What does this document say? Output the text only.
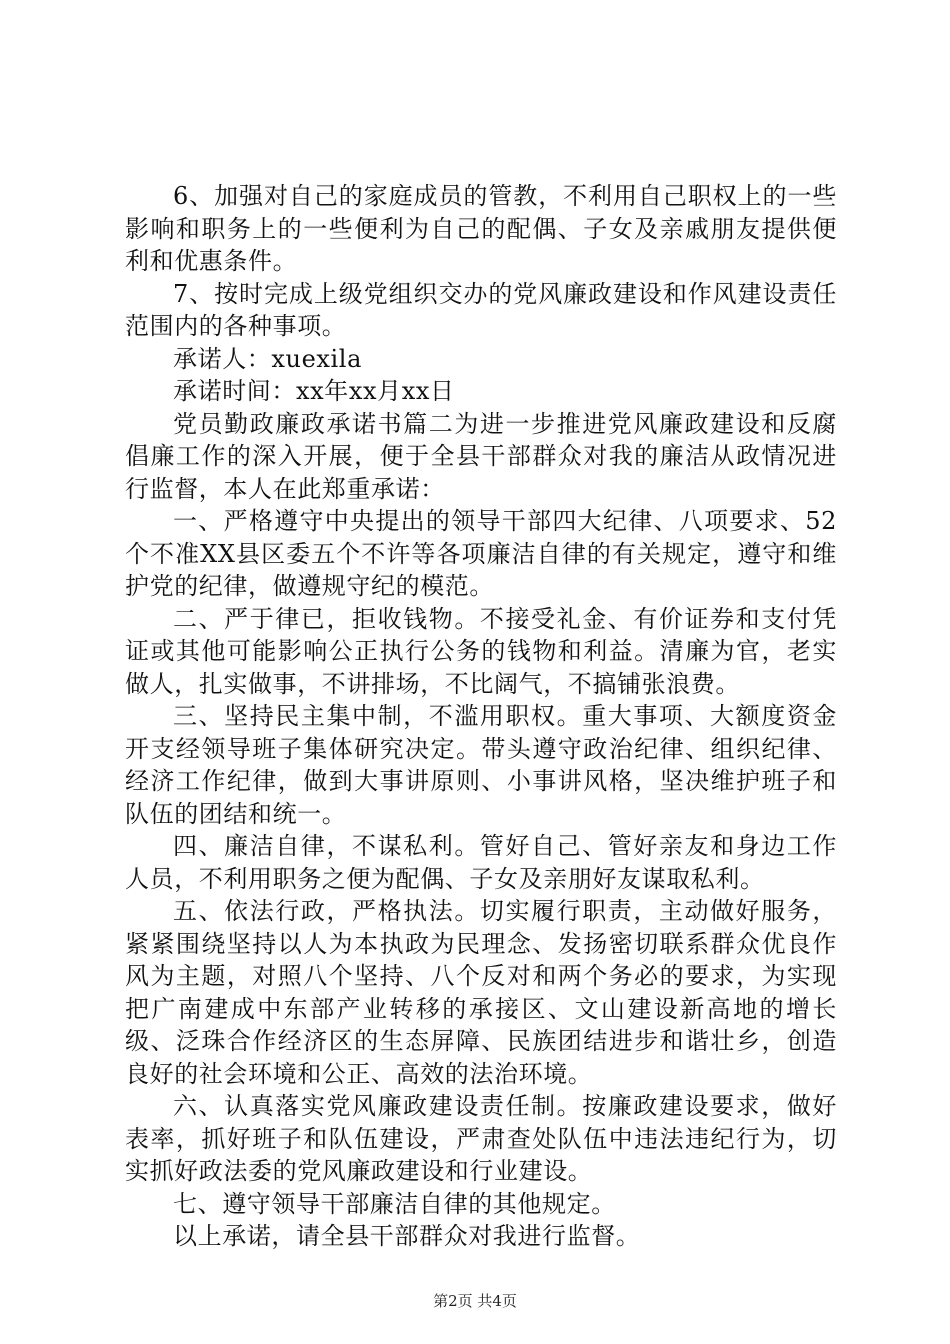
6、加强对自己的家庭成员的管教，不利用自己职权上的一些影响和职务上的一些便利为自己的配偶、子女及亲戚朋友提供便利和优惠条件。

7、按时完成上级党组织交办的党风廉政建设和作风建设责任范围内的各种事项。

承诺人：xuexila

承诺时间：xx年xx月xx日

党员勤政廉政承诺书篇二为进一步推进党风廉政建设和反腐倡廉工作的深入开展，便于全县干部群众对我的廉洁从政情况进行监督，本人在此郑重承诺：

一、严格遵守中央提出的领导干部四大纪律、八项要求、52个不准XX县区委五个不许等各项廉洁自律的有关规定，遵守和维护党的纪律，做遵规守纪的模范。

二、严于律已，拒收钱物。不接受礼金、有价证券和支付凭证或其他可能影响公正执行公务的钱物和利益。清廉为官，老实做人，扎实做事，不讲排场，不比阔气，不搞铺张浪费。

三、坚持民主集中制，不滥用职权。重大事项、大额度资金开支经领导班子集体研究决定。带头遵守政治纪律、组织纪律、经济工作纪律，做到大事讲原则、小事讲风格，坚决维护班子和队伍的团结和统一。

四、廉洁自律，不谋私利。管好自己、管好亲友和身边工作人员，不利用职务之便为配偶、子女及亲朋好友谋取私利。

五、依法行政，严格执法。切实履行职责，主动做好服务，紧紧围绕坚持以人为本执政为民理念、发扬密切联系群众优良作风为主题，对照八个坚持、八个反对和两个务必的要求，为实现把广南建成中东部产业转移的承接区、文山建设新高地的增长级、泛珠合作经济区的生态屏障、民族团结进步和谐壮乡，创造良好的社会环境和公正、高效的法治环境。

六、认真落实党风廉政建设责任制。按廉政建设要求，做好表率，抓好班子和队伍建设，严肃查处队伍中违法违纪行为，切实抓好政法委的党风廉政建设和行业建设。

七、遵守领导干部廉洁自律的其他规定。

以上承诺，请全县干部群众对我进行监督。

第2页 共4页
